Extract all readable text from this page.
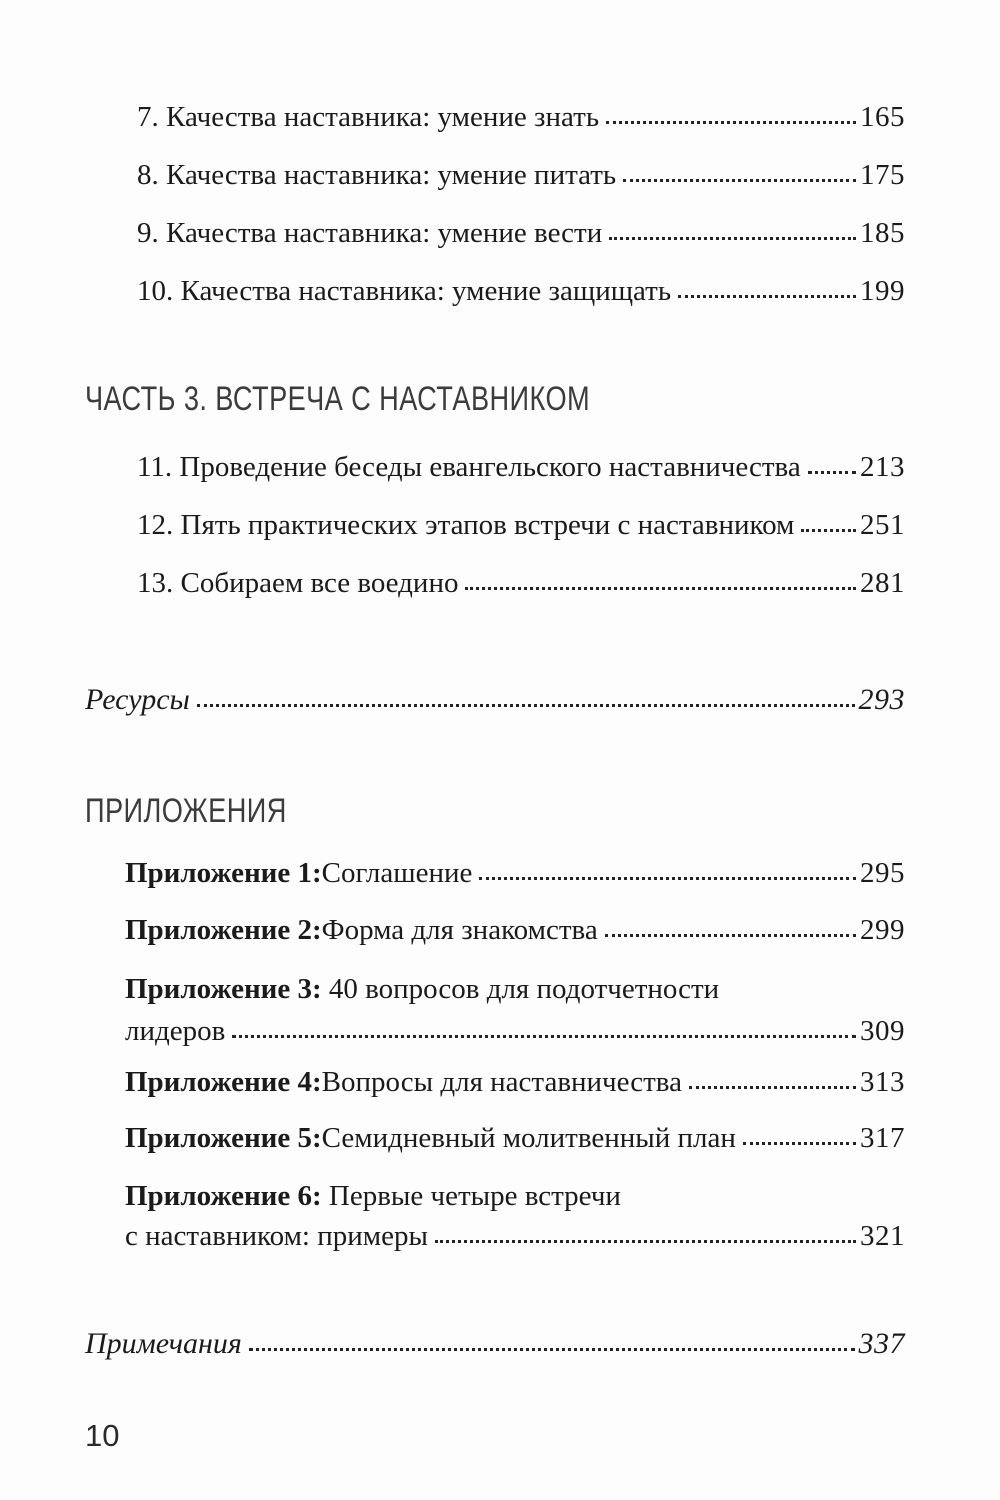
7. Качества наставника: умение знать	165
8. Качества наставника: умение питать	175
9. Качества наставника: умение вести	185
10. Качества наставника: умение защищать	199
ЧАСТЬ 3. ВСТРЕЧА С НАСТАВНИКОМ
11. Проведение беседы евангельского наставничества 213
12. Пять практических этапов встречи с наставником 251
13. Собираем все воедино	281
Ресурсы	293
ПРИЛОЖЕНИЯ
Приложение 1: Соглашение	295
Приложение 2: Форма для знакомства	299
Приложение 3: 40 вопросов для подотчетности
лидеров	309
Приложение 4: Вопросы для наставничества	313
Приложение 5: Семидневный молитвенный план	317
Приложение 6: Первые четыре встречи
с наставником: примеры	321
Примечания	337
10
